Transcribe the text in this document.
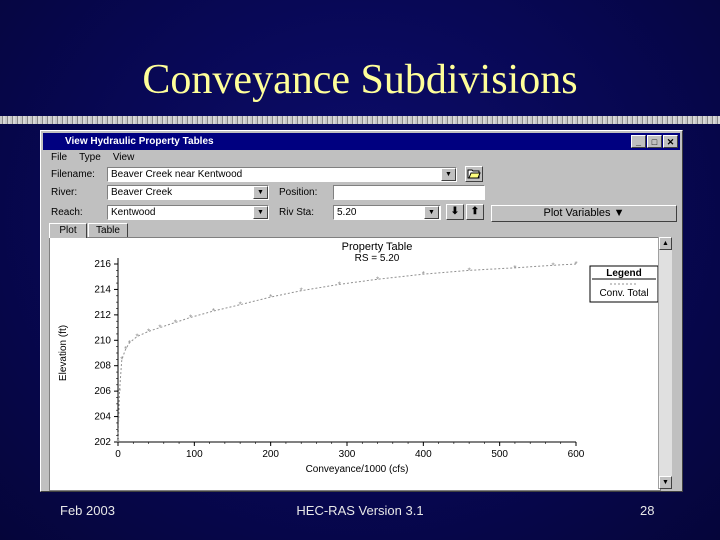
Conveyance Subdivisions
View Hydraulic Property Tables	_	□	✕
File Type View
Filename:	Beaver Creek near Kentwood	▼
River:	Beaver Creek	▼	Position:
Reach:	Kentwood	▼	Riv Sta:	5.20	▼	⬇	⬆	Plot Variables ▼
Plot	Table
Property Table
RS = 5.20
202
204
206
208
210
212
214
216
0	100	200	300	400	500	600
Conveyance/1000 (cfs)
Elevation (ft)
*
*
*
*
*
*
* *
*
*
*
*
*
*
*
*
*	*	*	* *
Legend
Conv. Total
▲
▼
Feb 2003	HEC-RAS Version 3.1	28
